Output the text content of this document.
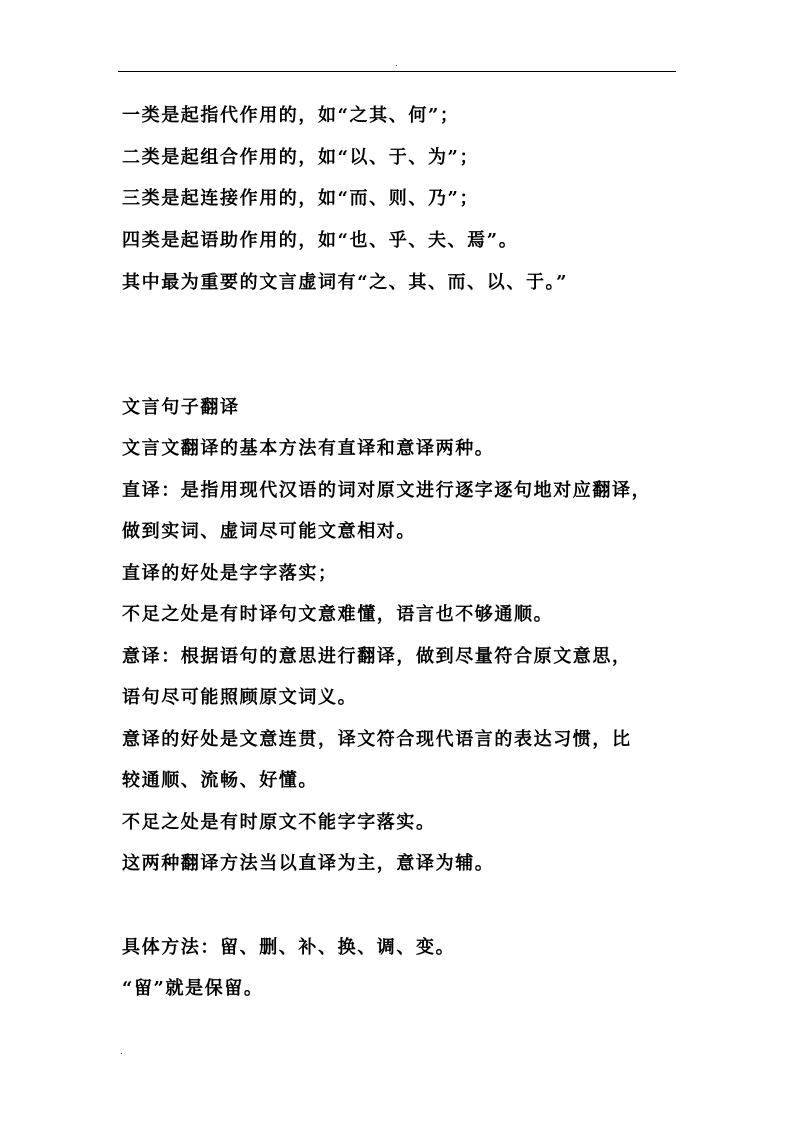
.
一类是起指代作用的，如“之其、何”；
二类是起组合作用的，如“以、于、为”；
三类是起连接作用的，如“而、则、乃”；
四类是起语助作用的，如“也、乎、夫、焉”。
其中最为重要的文言虚词有“之、其、而、以、于。”
文言句子翻译
文言文翻译的基本方法有直译和意译两种。
直译：是指用现代汉语的词对原文进行逐字逐句地对应翻译，
做到实词、虚词尽可能文意相对。
直译的好处是字字落实；
不足之处是有时译句文意难懂，语言也不够通顺。
意译：根据语句的意思进行翻译，做到尽量符合原文意思，
语句尽可能照顾原文词义。
意译的好处是文意连贯，译文符合现代语言的表达习惯，比
较通顺、流畅、好懂。
不足之处是有时原文不能字字落实。
这两种翻译方法当以直译为主，意译为辅。
具体方法：留、删、补、换、调、变。
“留”就是保留。
.
